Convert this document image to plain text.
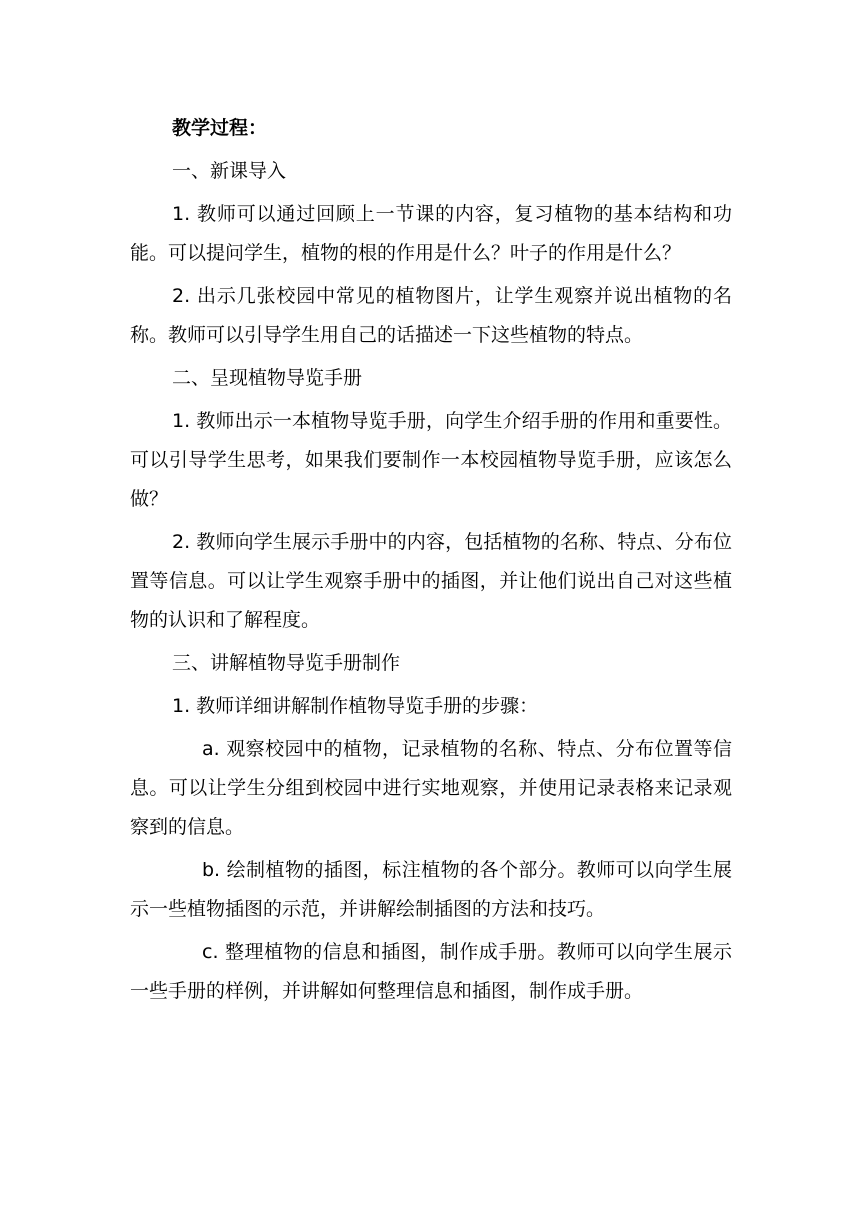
教学过程：

一、新课导入

1. 教师可以通过回顾上一节课的内容，复习植物的基本结构和功能。可以提问学生，植物的根的作用是什么？叶子的作用是什么？

2. 出示几张校园中常见的植物图片，让学生观察并说出植物的名称。教师可以引导学生用自己的话描述一下这些植物的特点。

二、呈现植物导览手册

1. 教师出示一本植物导览手册，向学生介绍手册的作用和重要性。可以引导学生思考，如果我们要制作一本校园植物导览手册，应该怎么做？

2. 教师向学生展示手册中的内容，包括植物的名称、特点、分布位置等信息。可以让学生观察手册中的插图，并让他们说出自己对这些植物的认识和了解程度。

三、讲解植物导览手册制作

1. 教师详细讲解制作植物导览手册的步骤：

a. 观察校园中的植物，记录植物的名称、特点、分布位置等信息。可以让学生分组到校园中进行实地观察，并使用记录表格来记录观察到的信息。

b. 绘制植物的插图，标注植物的各个部分。教师可以向学生展示一些植物插图的示范，并讲解绘制插图的方法和技巧。

c. 整理植物的信息和插图，制作成手册。教师可以向学生展示一些手册的样例，并讲解如何整理信息和插图，制作成手册。
